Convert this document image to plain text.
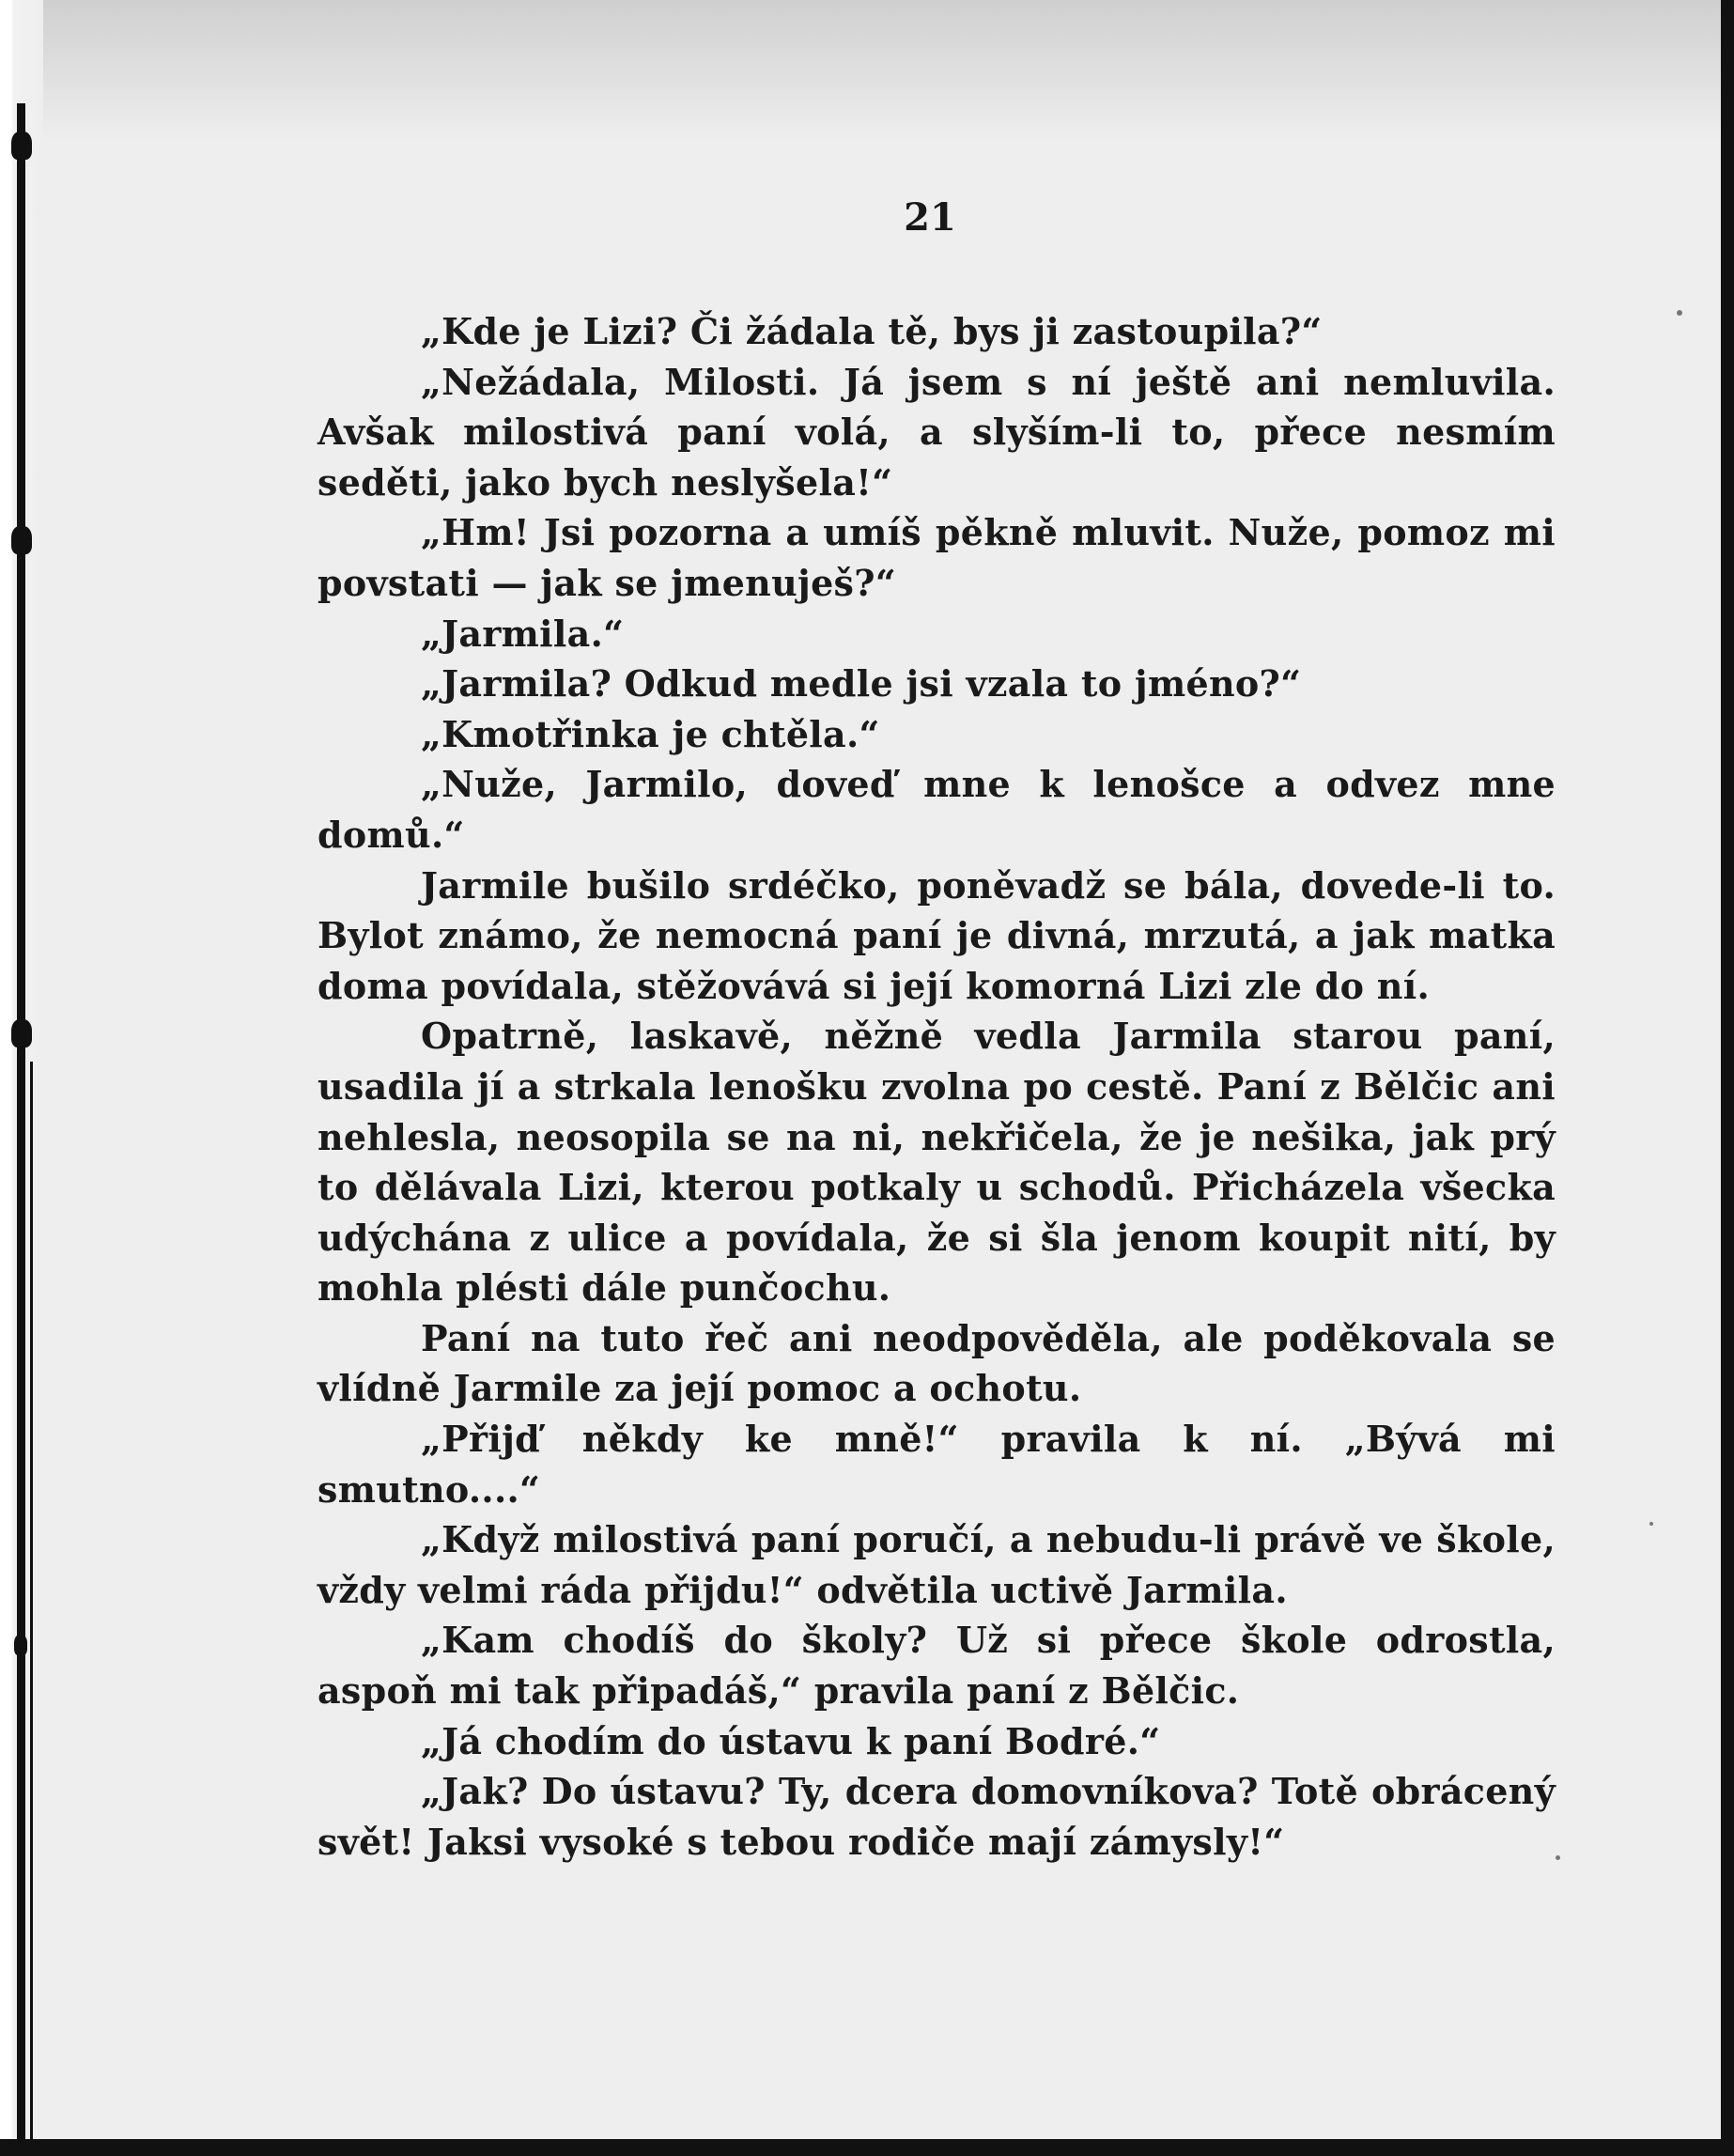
21

„Kde je Lizi? Či žádala tě, bys ji zastoupila?“

„Nežádala, Milosti. Já jsem s ní ještě ani nemluvila. Avšak milostivá paní volá, a slyším-li to, přece nesmím seděti, jako bych neslyšela!“

„Hm! Jsi pozorna a umíš pěkně mluvit. Nuže, pomoz mi povstati — jak se jmenuješ?“

„Jarmila.“

„Jarmila? Odkud medle jsi vzala to jméno?“

„Kmotřinka je chtěla.“

„Nuže, Jarmilo, doveď mne k lenošce a odvez mne domů.“

Jarmile bušilo srdéčko, poněvadž se bála, dovede-li to. Bylot známo, že nemocná paní je divná, mrzutá, a jak matka doma povídala, stěžovává si její komorná Lizi zle do ní.

Opatrně, laskavě, něžně vedla Jarmila starou paní, usadila jí a strkala lenošku zvolna po cestě. Paní z Bělčic ani nehlesla, neosopila se na ni, nekřičela, že je nešika, jak prý to dělávala Lizi, kterou potkaly u schodů. Přicházela všecka udýchána z ulice a povídala, že si šla jenom koupit nití, by mohla plésti dále punčochu.

Paní na tuto řeč ani neodpověděla, ale poděkovala se vlídně Jarmile za její pomoc a ochotu.

„Přijď někdy ke mně!“ pravila k ní. „Bývá mi smutno....“

„Když milostivá paní poručí, a nebudu-li právě ve škole, vždy velmi ráda přijdu!“ odvětila uctivě Jarmila.

„Kam chodíš do školy? Už si přece škole odrostla, aspoň mi tak připadáš,“ pravila paní z Bělčic.

„Já chodím do ústavu k paní Bodré.“

„Jak? Do ústavu? Ty, dcera domovníkova? Totě obrácený svět! Jaksi vysoké s tebou rodiče mají zámysly!“
